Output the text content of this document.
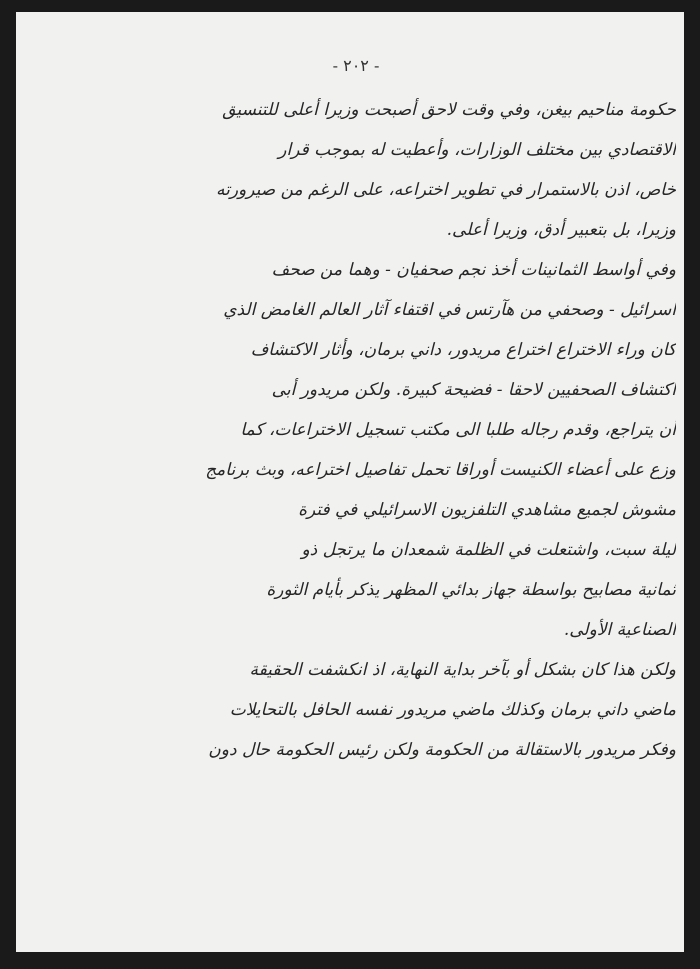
- ٢٠٢ -
حكومة مناحيم بيغن، وفي وقت لاحق أصبحت وزيرا أعلى للتنسيق
الاقتصادي بين مختلف الوزارات، وأعطيت له بموجب قرار
خاص، اذن بالاستمرار في تطوير اختراعه، على الرغم من صيرورته
وزيرا، بل بتعبير أدق، وزيرا أعلى.
وفي أواسط الثمانينات أخذ نجم صحفيان - وهما من صحف
اسرائيل - وصحفي من هآرتس في اقتفاء آثار العالم الغامض الذي
كان وراء الاختراع اختراع مريدور، داني برمان، وأثار الاكتشاف
اكتشاف الصحفيين لاحقا - فضيحة كبيرة. ولكن مريدور أبى
أن يتراجع، وقدم رجاله طلبا الى مكتب تسجيل الاختراعات، كما
وزع على أعضاء الكنيست أوراقا تحمل تفاصيل اختراعه، وبث برنامج
مشوش لجميع مشاهدي التلفزيون الاسرائيلي في فترة
ليلة سبت، واشتعلت في الظلمة شمعدان ما يرتجل ذو
ثمانية مصابيح بواسطة جهاز بدائي المظهر يذكر بأيام الثورة
الصناعية الأولى.
ولكن هذا كان بشكل أو بآخر بداية النهاية، اذ انكشفت الحقيقة
ماضي داني برمان وكذلك ماضي مريدور نفسه الحافل بالتحايلات
وفكر مريدور بالاستقالة من الحكومة ولكن رئيس الحكومة حال دون
